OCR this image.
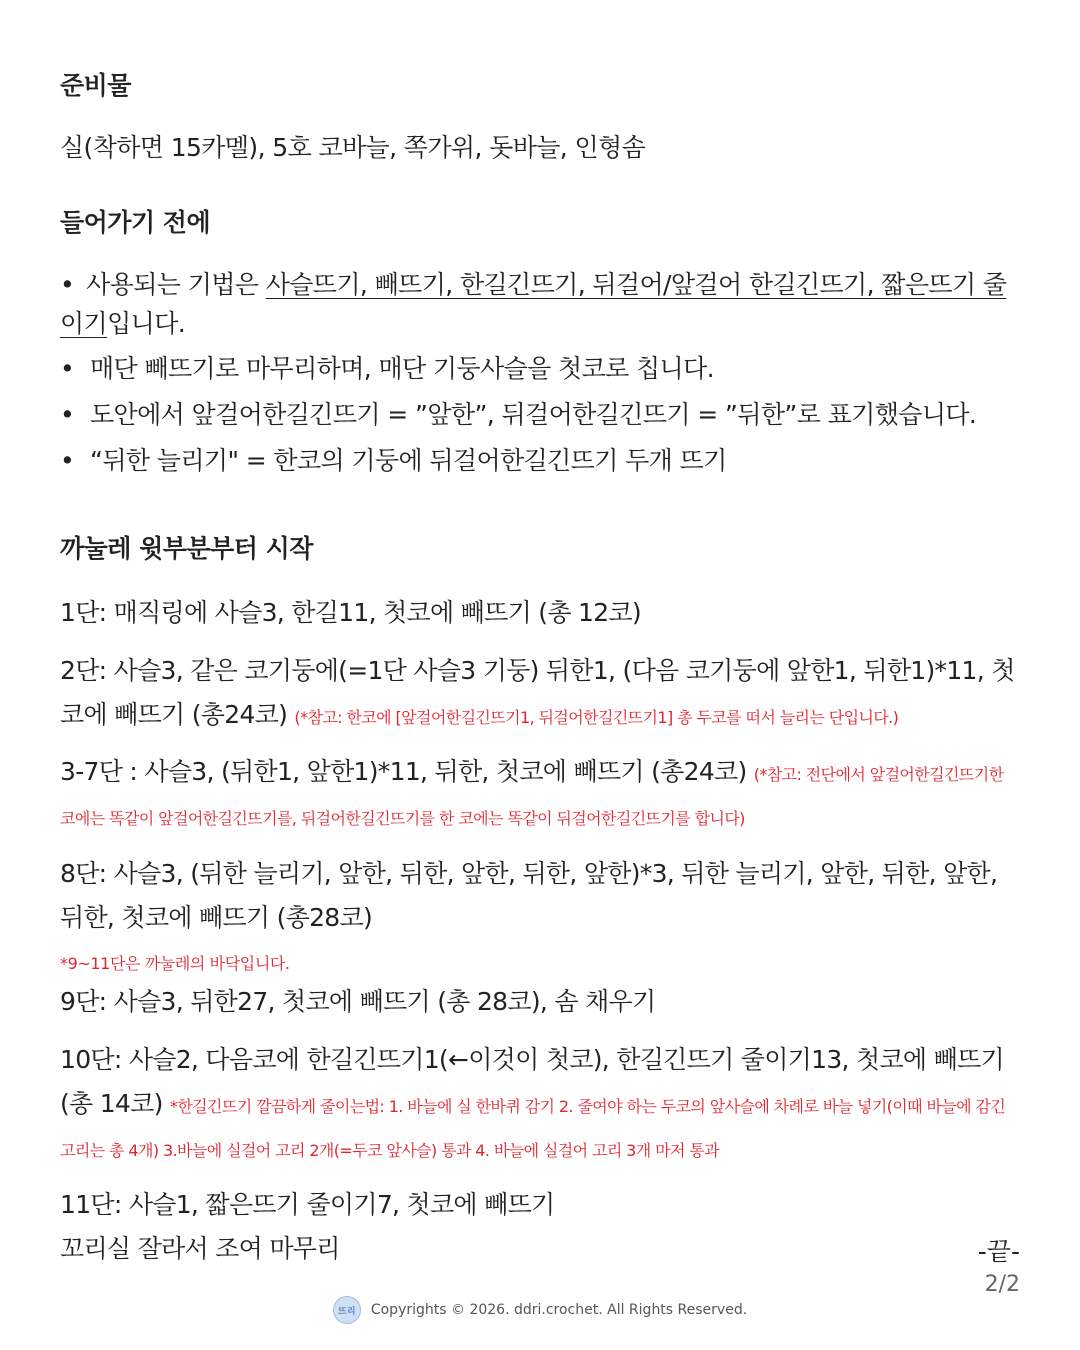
준비물
실(착하면 15카멜), 5호 코바늘, 쪽가위, 돗바늘, 인형솜
들어가기 전에
• 사용되는 기법은 사슬뜨기, 빼뜨기, 한길긴뜨기, 뒤걸어/앞걸어 한길긴뜨기, 짧은뜨기 줄이기입니다.
• 매단 빼뜨기로 마무리하며, 매단 기둥사슬을 첫코로 칩니다.
• 도안에서 앞걸어한길긴뜨기 = ”앞한”, 뒤걸어한길긴뜨기 = ”뒤한”로 표기했습니다.
• “뒤한 늘리기" = 한코의 기둥에 뒤걸어한길긴뜨기 두개 뜨기
까눌레 윗부분부터 시작
1단: 매직링에 사슬3, 한길11, 첫코에 빼뜨기 (총 12코)
2단: 사슬3, 같은 코기둥에(=1단 사슬3 기둥) 뒤한1, (다음 코기둥에 앞한1, 뒤한1)*11, 첫코에 빼뜨기 (총24코) (*참고: 한코에 [앞걸어한길긴뜨기1, 뒤걸어한길긴뜨기1] 총 두코를 떠서 늘리는 단입니다.)
3-7단 : 사슬3, (뒤한1, 앞한1)*11, 뒤한, 첫코에 빼뜨기 (총24코) (*참고: 전단에서 앞걸어한길긴뜨기한 코에는 똑같이 앞걸어한길긴뜨기를, 뒤걸어한길긴뜨기를 한 코에는 똑같이 뒤걸어한길긴뜨기를 합니다)
8단: 사슬3, (뒤한 늘리기, 앞한, 뒤한, 앞한, 뒤한, 앞한)*3, 뒤한 늘리기, 앞한, 뒤한, 앞한, 뒤한, 첫코에 빼뜨기 (총28코)
*9~11단은 까눌레의 바닥입니다.
9단: 사슬3, 뒤한27, 첫코에 빼뜨기 (총 28코), 솜 채우기
10단: 사슬2, 다음코에 한길긴뜨기1(←이것이 첫코), 한길긴뜨기 줄이기13, 첫코에 빼뜨기 (총 14코) *한길긴뜨기 깔끔하게 줄이는법: 1. 바늘에 실 한바퀴 감기 2. 줄여야 하는 두코의 앞사슬에 차례로 바늘 넣기(이때 바늘에 감긴 고리는 총 4개) 3.바늘에 실걸어 고리 2개(=두코 앞사슬) 통과 4. 바늘에 실걸어 고리 3개 마저 통과
11단: 사슬1, 짧은뜨기 줄이기7, 첫코에 빼뜨기
꼬리실 잘라서 조여 마무리	-끝-
2/2
뜨리	Copyrights © 2026. ddri.crochet. All Rights Reserved.
